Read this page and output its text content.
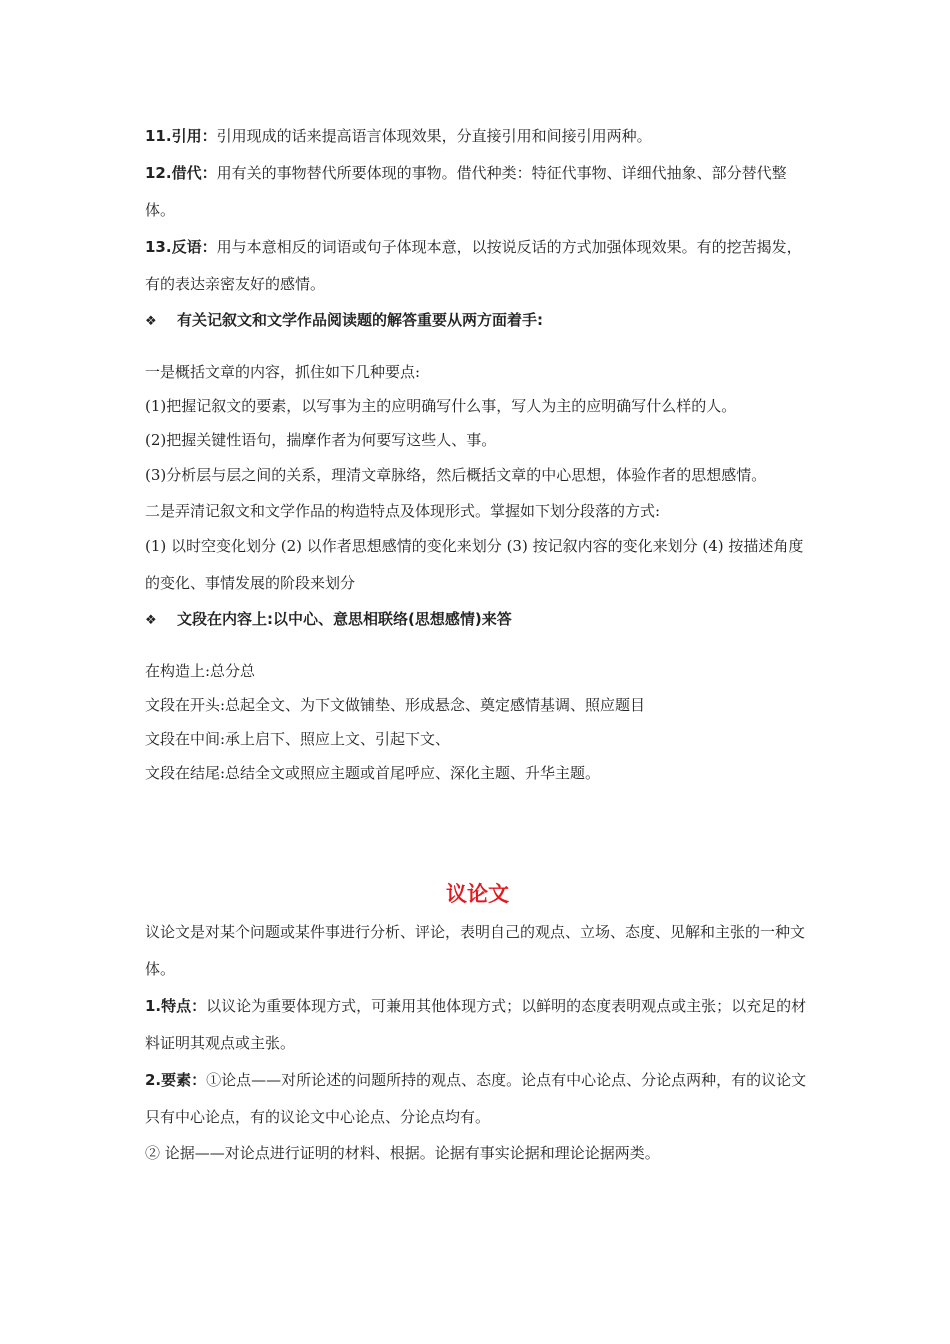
11.引用：引用现成的话来提高语言体现效果，分直接引用和间接引用两种。

12.借代：用有关的事物替代所要体现的事物。借代种类：特征代事物、详细代抽象、部分替代整体。

13.反语：用与本意相反的词语或句子体现本意，以按说反话的方式加强体现效果。有的挖苦揭发，有的表达亲密友好的感情。

❖ 有关记叙文和文学作品阅读题的解答重要从两方面着手:

一是概括文章的内容，抓住如下几种要点:

(1)把握记叙文的要素，以写事为主的应明确写什么事，写人为主的应明确写什么样的人。

(2)把握关键性语句，揣摩作者为何要写这些人、事。

(3)分析层与层之间的关系，理清文章脉络，然后概括文章的中心思想，体验作者的思想感情。

二是弄清记叙文和文学作品的构造特点及体现形式。掌握如下划分段落的方式:

(1) 以时空变化划分 (2) 以作者思想感情的变化来划分 (3) 按记叙内容的变化来划分 (4) 按描述角度的变化、事情发展的阶段来划分

❖ 文段在内容上:以中心、意思相联络(思想感情)来答

在构造上:总分总

文段在开头:总起全文、为下文做铺垫、形成悬念、奠定感情基调、照应题目

文段在中间:承上启下、照应上文、引起下文、

文段在结尾:总结全文或照应主题或首尾呼应、深化主题、升华主题。

议论文

议论文是对某个问题或某件事进行分析、评论，表明自己的观点、立场、态度、见解和主张的一种文体。

1.特点：以议论为重要体现方式，可兼用其他体现方式；以鲜明的态度表明观点或主张；以充足的材料证明其观点或主张。

2.要素：①论点——对所论述的问题所持的观点、态度。论点有中心论点、分论点两种，有的议论文只有中心论点，有的议论文中心论点、分论点均有。

② 论据——对论点进行证明的材料、根据。论据有事实论据和理论论据两类。
